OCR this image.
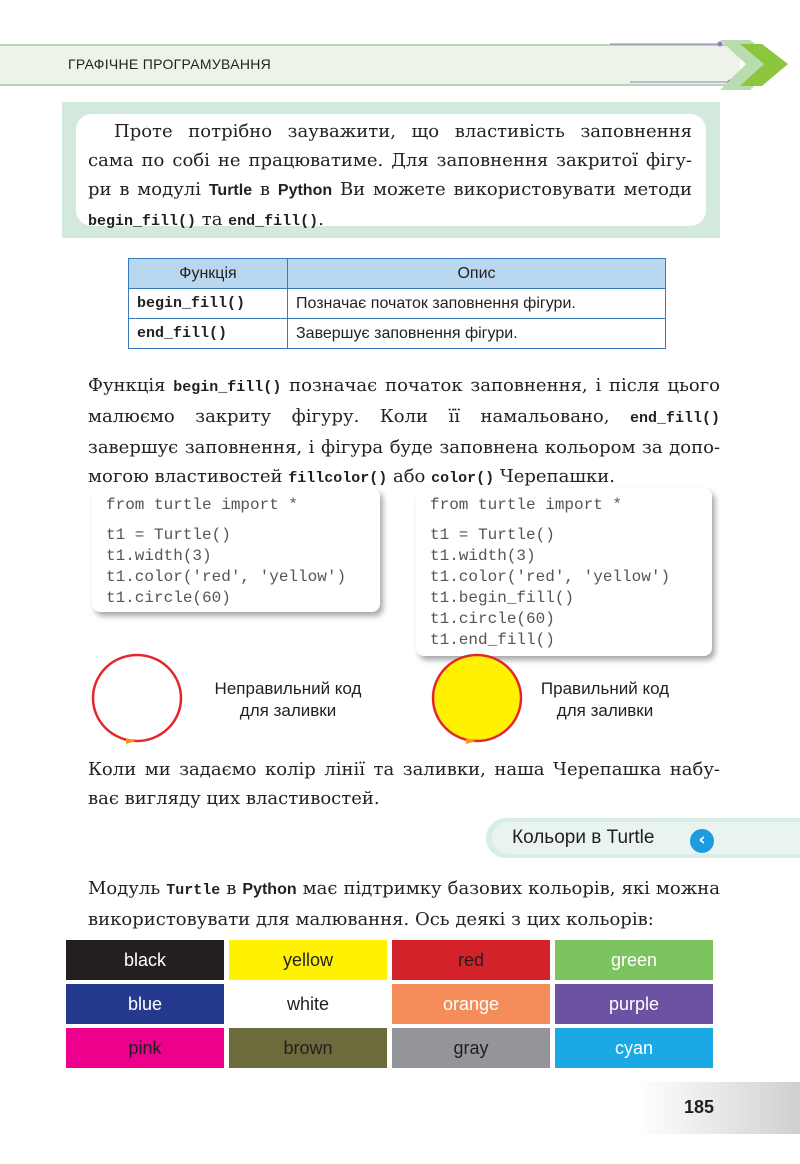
ГРАФІЧНЕ ПРОГРАМУВАННЯ
Проте потрібно зауважити, що властивість заповнення сама по собі не працюватиме. Для заповнення закритої фігу-ри в модулі Turtle в Python Ви можете використовувати методи begin_fill() та end_fill().
Функція	Опис
begin_fill()	Позначає початок заповнення фігури.
end_fill()	Завершує заповнення фігури.
Функція begin_fill() позначає початок заповнення, і після цього малюємо закриту фігуру. Коли її намальовано, end_fill() завершує заповнення, і фігура буде заповнена кольором за допо-могою властивостей fillcolor() або color() Черепашки.
from turtle import *
t1 = Turtle()
t1.width(3)
t1.color('red', 'yellow')
t1.circle(60)
from turtle import *
t1 = Turtle()
t1.width(3)
t1.color('red', 'yellow')
t1.begin_fill()
t1.circle(60)
t1.end_fill()
Неправильний код
для заливки
Правильний код
для заливки
Коли ми задаємо колір лінії та заливки, наша Черепашка набу-ває вигляду цих властивостей.
Кольори в Turtle	‹
Модуль Turtle в Python має підтримку базових кольорів, які можна використовувати для малювання. Ось деякі з цих кольорів:
black	yellow	red	green
blue	white	orange	purple
pink	brown	gray	cyan
185
